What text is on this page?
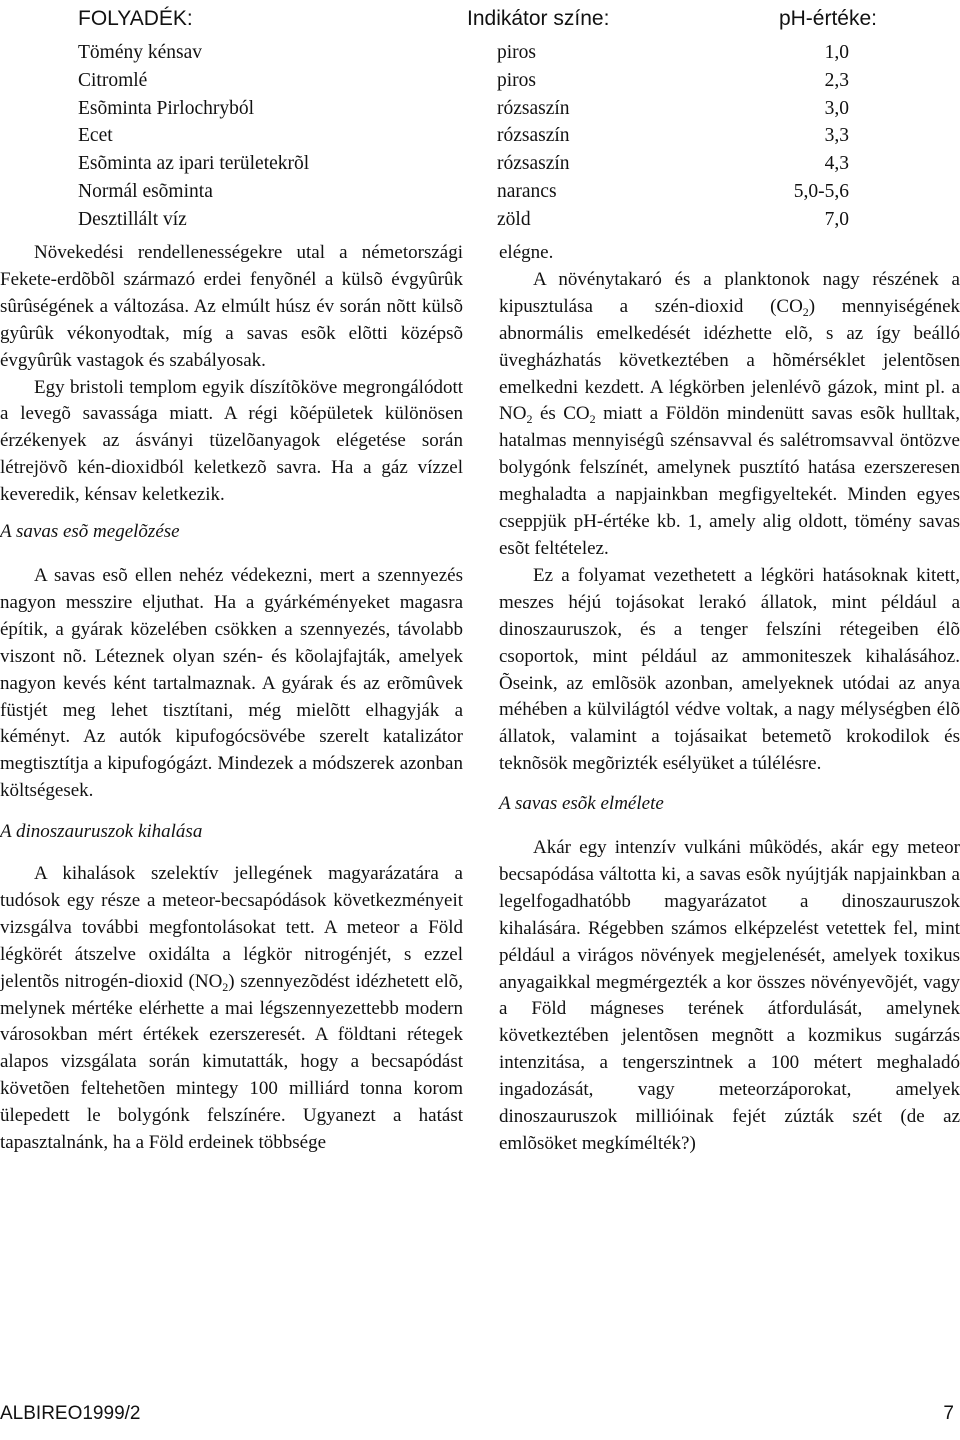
FOLYADÉK:	Indikátor színe:	pH-értéke:
Tömény kénsav	piros	1,0
Citromlé	piros	2,3
Esõminta Pirlochryból	rózsaszín	3,0
Ecet	rózsaszín	3,3
Esõminta az ipari területekrõl	rózsaszín	4,3
Normál esõminta	narancs	5,0-5,6
Desztillált víz	zöld	7,0

Növekedési rendellenességekre utal a németországi Fekete-erdõbõl származó erdei fenyõnél a külsõ évgyûrûk sûrûségének a változása. Az elmúlt húsz év során nõtt külsõ gyûrûk vékonyodtak, míg a savas esõk elõtti középsõ évgyûrûk vastagok és szabályosak.

Egy bristoli templom egyik díszítõköve megrongálódott a levegõ savassága miatt. A régi kõépületek különösen érzékenyek az ásványi tüzelõanyagok elégetése során létrejövõ kén-dioxidból keletkezõ savra. Ha a gáz vízzel keveredik, kénsav keletkezik.

A savas esõ megelõzése

A savas esõ ellen nehéz védekezni, mert a szennyezés nagyon messzire eljuthat. Ha a gyárkéményeket magasra építik, a gyárak közelében csökken a szennyezés, távolabb viszont nõ. Léteznek olyan szén- és kõolajfajták, amelyek nagyon kevés ként tartalmaznak. A gyárak és az erõmûvek füstjét meg lehet tisztítani, még mielõtt elhagyják a kéményt. Az autók kipufogócsövébe szerelt katalizátor megtisztítja a kipufogógázt. Mindezek a módszerek azonban költségesek.

A dinoszauruszok kihalása

A kihalások szelektív jellegének magyarázatára a tudósok egy része a meteor-becsapódások következményeit vizsgálva további megfontolásokat tett. A meteor a Föld légkörét átszelve oxidálta a légkör nitrogénjét, s ezzel jelentõs nitrogén-dioxid $(NO_2)$ szennyezõdést idézhetett elõ, melynek mértéke elérhette a mai légszennyezettebb modern városokban mért értékek ezerszeresét. A földtani rétegek alapos vizsgálata során kimutatták, hogy a becsapódást követõen feltehetõen mintegy 100 milliárd tonna korom ülepedett le bolygónk felszínére. Ugyanezt a hatást tapasztalnánk, ha a Föld erdeinek többsége

elégne.

A növénytakaró és a planktonok nagy részének a kipusztulása a szén-dioxid $(CO_2)$ mennyiségének abnormális emelkedését idézhette elõ, s az így beálló üvegházhatás következtében a hõmérséklet jelentõsen emelkedni kezdett. A légkörben jelenlévõ gázok, mint pl. a $NO_2$ és $CO_2$ miatt a Földön mindenütt savas esõk hulltak, hatalmas mennyiségû szénsavval és salétromsavval öntözve bolygónk felszínét, amelynek pusztító hatása ezerszeresen meghaladta a napjainkban megfigyeltekét. Minden egyes cseppjük pH-értéke kb. 1, amely alig oldott, tömény savas esõt feltételez.

Ez a folyamat vezethetett a légköri hatásoknak kitett, meszes héjú tojásokat lerakó állatok, mint például a dinoszauruszok, és a tenger felszíni rétegeiben élõ csoportok, mint például az ammoniteszek kihalásához. Õseink, az emlõsök azonban, amelyeknek utódai az anya méhében a külvilágtól védve voltak, a nagy mélységben élõ állatok, valamint a tojásaikat betemetõ krokodilok és teknõsök megõrizték esélyüket a túlélésre.

A savas esõk elmélete

Akár egy intenzív vulkáni mûködés, akár egy meteor becsapódása váltotta ki, a savas esõk nyújtják napjainkban a legelfogadhatóbb magyarázatot a dinoszauruszok kihalására. Régebben számos elképzelést vetettek fel, mint például a virágos növények megjelenését, amelyek toxikus anyagaikkal megmérgezték a kor összes növényevõjét, vagy a Föld mágneses terének átfordulását, amelynek következtében jelentõsen megnõtt a kozmikus sugárzás intenzitása, a tengerszintnek a 100 métert meghaladó ingadozását, vagy meteorzáporokat, amelyek dinoszauruszok millióinak fejét zúzták szét (de az emlõsöket megkímélték?)

ALBIREO1999/2	7
